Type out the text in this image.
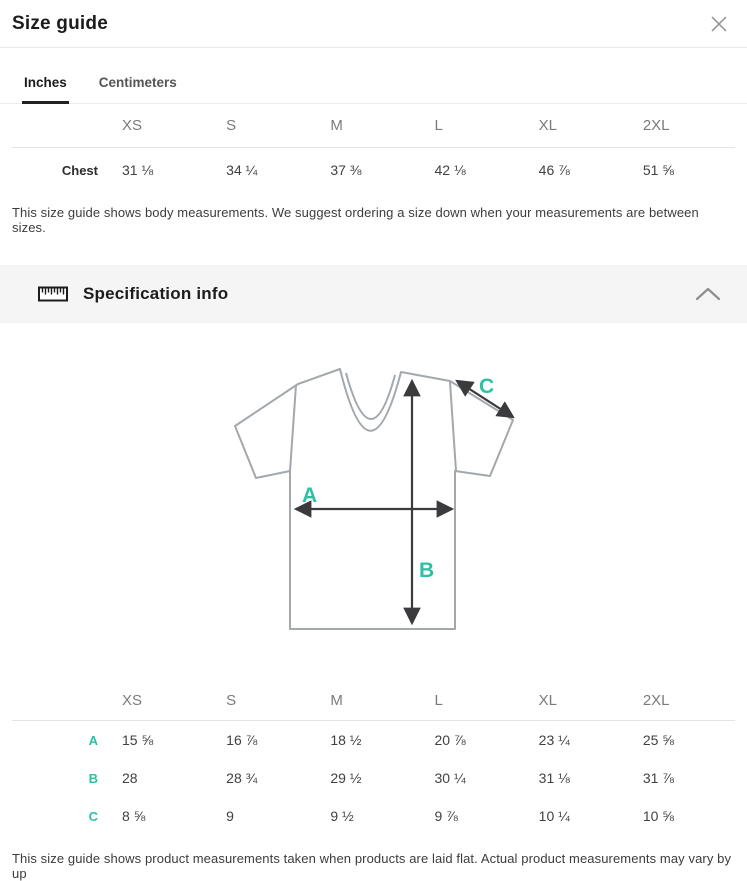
Size guide
Inches Centimeters
XS	S	M	L	XL	2XL
Chest	31 ⅛	34 ¼	37 ⅜	42 ⅛	46 ⅞	51 ⅝

This size guide shows body measurements. We suggest ordering a size down when your measurements are between sizes.

Specification info
A
B
C
XS	S	M	L	XL	2XL
A	15 ⅝	16 ⅞	18 ½	20 ⅞	23 ¼	25 ⅝
B	28	28 ¾	29 ½	30 ¼	31 ⅛	31 ⅞
C	8 ⅝	9	9 ½	9 ⅞	10 ¼	10 ⅝

This size guide shows product measurements taken when products are laid flat. Actual product measurements may vary by up
